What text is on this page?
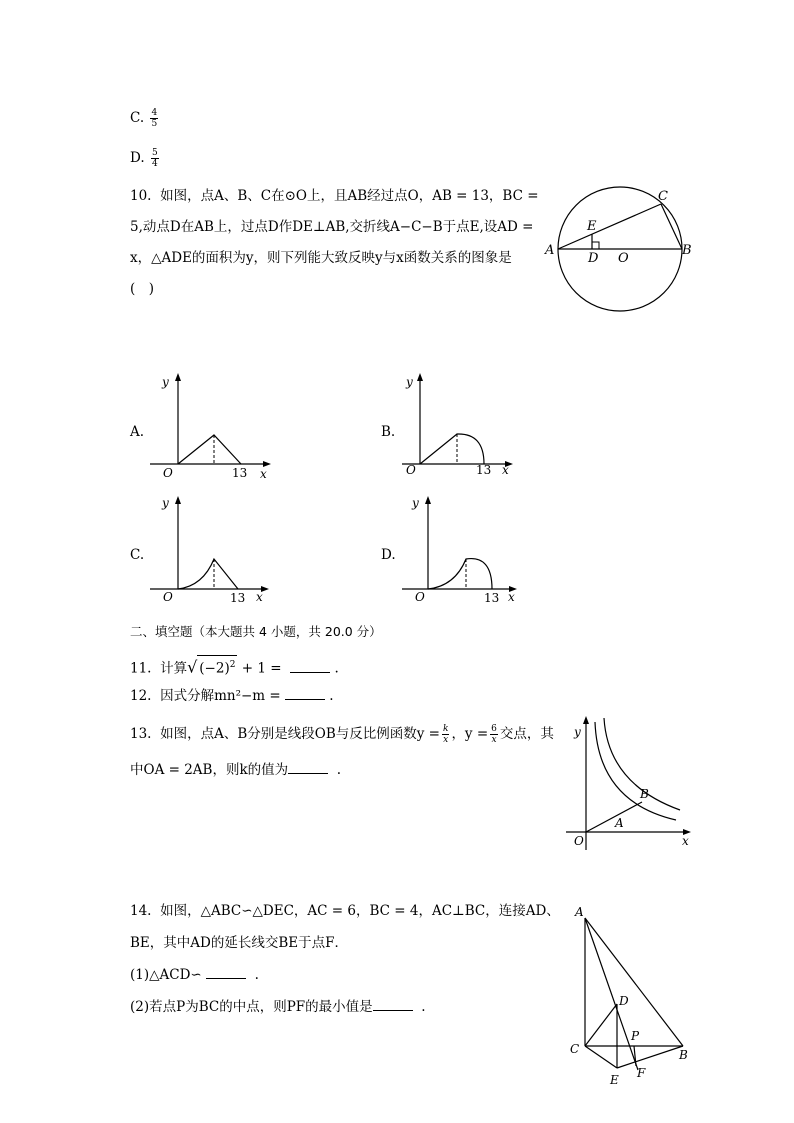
C. $\frac{4}{5}$
D. $\frac{5}{4}$
10. 如图，点A、B、C在⊙O上，且AB经过点O，AB = 13，BC =
5,动点D在AB上，过点D作DE⊥AB,交折线A−C−B于点E,设AD =
x，△ADE的面积为y，则下列能大致反映y与x函数关系的图象是
(　)
A	B
C
D
E
O
A.
y
x
O	13
B.
y
x
O	13
C.
y
x
O	13
D.
y
x
O	13
二、填空题（本大题共 4 小题，共 20.0 分）
11. 计算√ $(-2)^2 + 1$ =	.
12. 因式分解mn²−m =	.
13. 如图，点A、B分别是线段OB与反比例函数$y = \frac{k}{x}$ ，$y = \frac{6}{x}$ 交点，其
中OA = 2AB，则k的值为	.
y
x
O
A
B
14. 如图，△ABC∽△DEC，AC = 6，BC = 4，AC⊥BC，连接AD、
BE，其中AD的延长线交BE于点F．
(1)△ACD∽	.
(2)若点P为BC的中点，则PF的最小值是	.
A
B
C
D
E F
P
